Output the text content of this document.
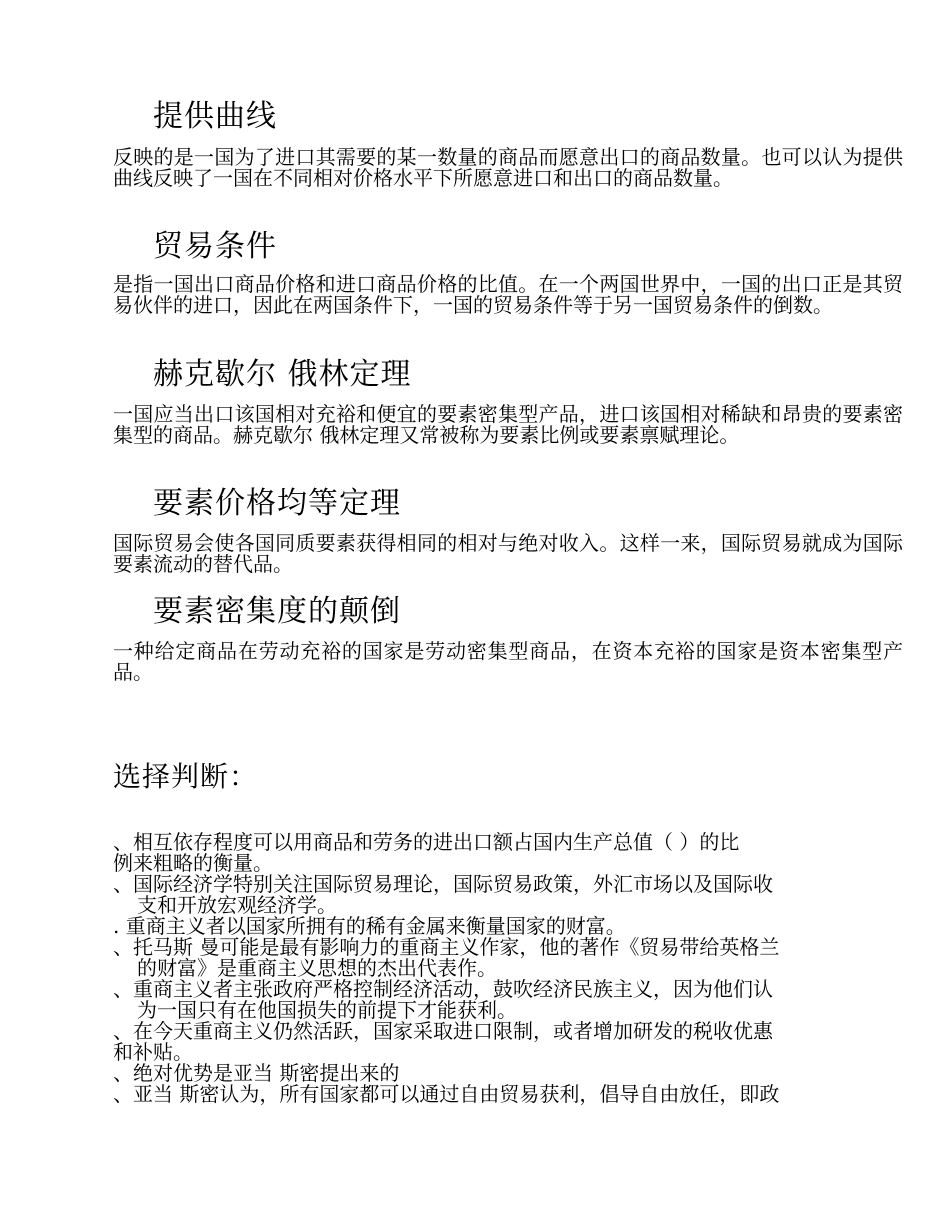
提供曲线

反映的是一国为了进口其需要的某一数量的商品而愿意出口的商品数量。也可以认为提供曲线反映了一国在不同相对价格水平下所愿意进口和出口的商品数量。

贸易条件

是指一国出口商品价格和进口商品价格的比值。在一个两国世界中，一国的出口正是其贸易伙伴的进口，因此在两国条件下，一国的贸易条件等于另一国贸易条件的倒数。

赫克歇尔 俄林定理

一国应当出口该国相对充裕和便宜的要素密集型产品，进口该国相对稀缺和昂贵的要素密集型的商品。赫克歇尔 俄林定理又常被称为要素比例或要素禀赋理论。

要素价格均等定理

国际贸易会使各国同质要素获得相同的相对与绝对收入。这样一来，国际贸易就成为国际要素流动的替代品。

要素密集度的颠倒

一种给定商品在劳动充裕的国家是劳动密集型商品，在资本充裕的国家是资本密集型产品。

选择判断：
、相互依存程度可以用商品和劳务的进出口额占国内生产总值（ ）的比
例来粗略的衡量。
、国际经济学特别关注国际贸易理论，国际贸易政策，外汇市场以及国际收
支和开放宏观经济学。
. 重商主义者以国家所拥有的稀有金属来衡量国家的财富。
、托马斯 曼可能是最有影响力的重商主义作家，他的著作《贸易带给英格兰
的财富》是重商主义思想的杰出代表作。
、重商主义者主张政府严格控制经济活动，鼓吹经济民族主义，因为他们认
为一国只有在他国损失的前提下才能获利。
、在今天重商主义仍然活跃，国家采取进口限制，或者增加研发的税收优惠
和补贴。
、绝对优势是亚当 斯密提出来的
、亚当 斯密认为，所有国家都可以通过自由贸易获利，倡导自由放任，即政
